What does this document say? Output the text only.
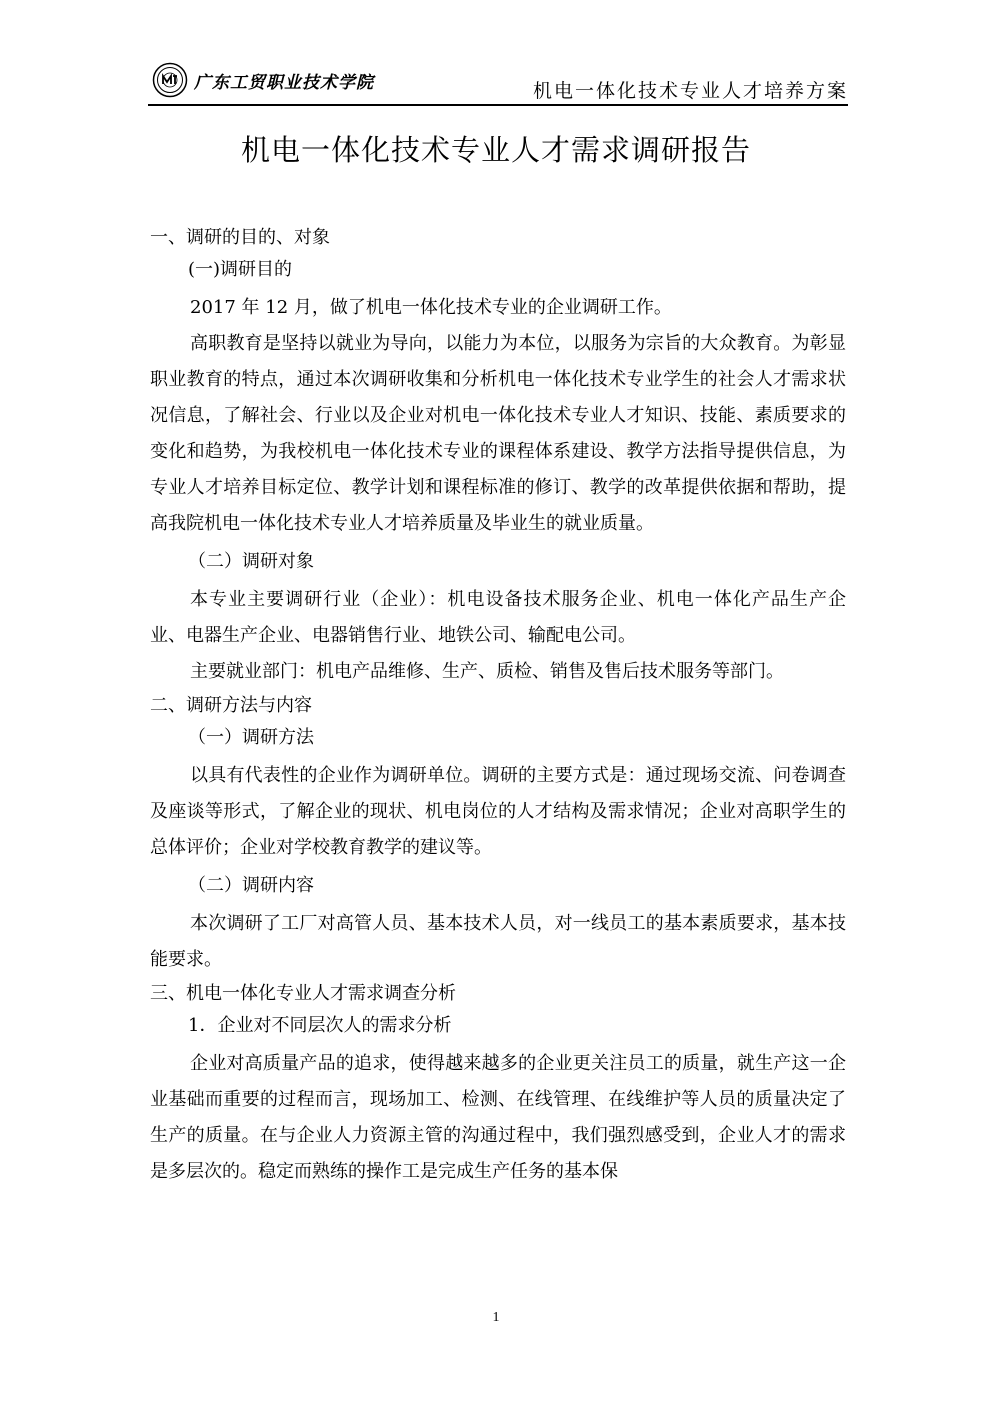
广东工贸职业技术学院	机电一体化技术专业人才培养方案
机电一体化技术专业人才需求调研报告
一、调研的目的、对象
(一)调研目的

2017 年 12 月，做了机电一体化技术专业的企业调研工作。

高职教育是坚持以就业为导向，以能力为本位，以服务为宗旨的大众教育。为彰显职业教育的特点，通过本次调研收集和分析机电一体化技术专业学生的社会人才需求状况信息，了解社会、行业以及企业对机电一体化技术专业人才知识、技能、素质要求的变化和趋势，为我校机电一体化技术专业的课程体系建设、教学方法指导提供信息，为专业人才培养目标定位、教学计划和课程标准的修订、教学的改革提供依据和帮助，提高我院机电一体化技术专业人才培养质量及毕业生的就业质量。

（二）调研对象

本专业主要调研行业（企业）：机电设备技术服务企业、机电一体化产品生产企业、电器生产企业、电器销售行业、地铁公司、输配电公司。

主要就业部门：机电产品维修、生产、质检、销售及售后技术服务等部门。

二、调研方法与内容
（一）调研方法

以具有代表性的企业作为调研单位。调研的主要方式是：通过现场交流、问卷调查及座谈等形式，了解企业的现状、机电岗位的人才结构及需求情况；企业对高职学生的总体评价；企业对学校教育教学的建议等。

（二）调研内容

本次调研了工厂对高管人员、基本技术人员，对一线员工的基本素质要求，基本技能要求。

三、机电一体化专业人才需求调查分析
1．企业对不同层次人的需求分析

企业对高质量产品的追求，使得越来越多的企业更关注员工的质量，就生产这一企业基础而重要的过程而言，现场加工、检测、在线管理、在线维护等人员的质量决定了生产的质量。在与企业人力资源主管的沟通过程中，我们强烈感受到，企业人才的需求是多层次的。稳定而熟练的操作工是完成生产任务的基本保

1
